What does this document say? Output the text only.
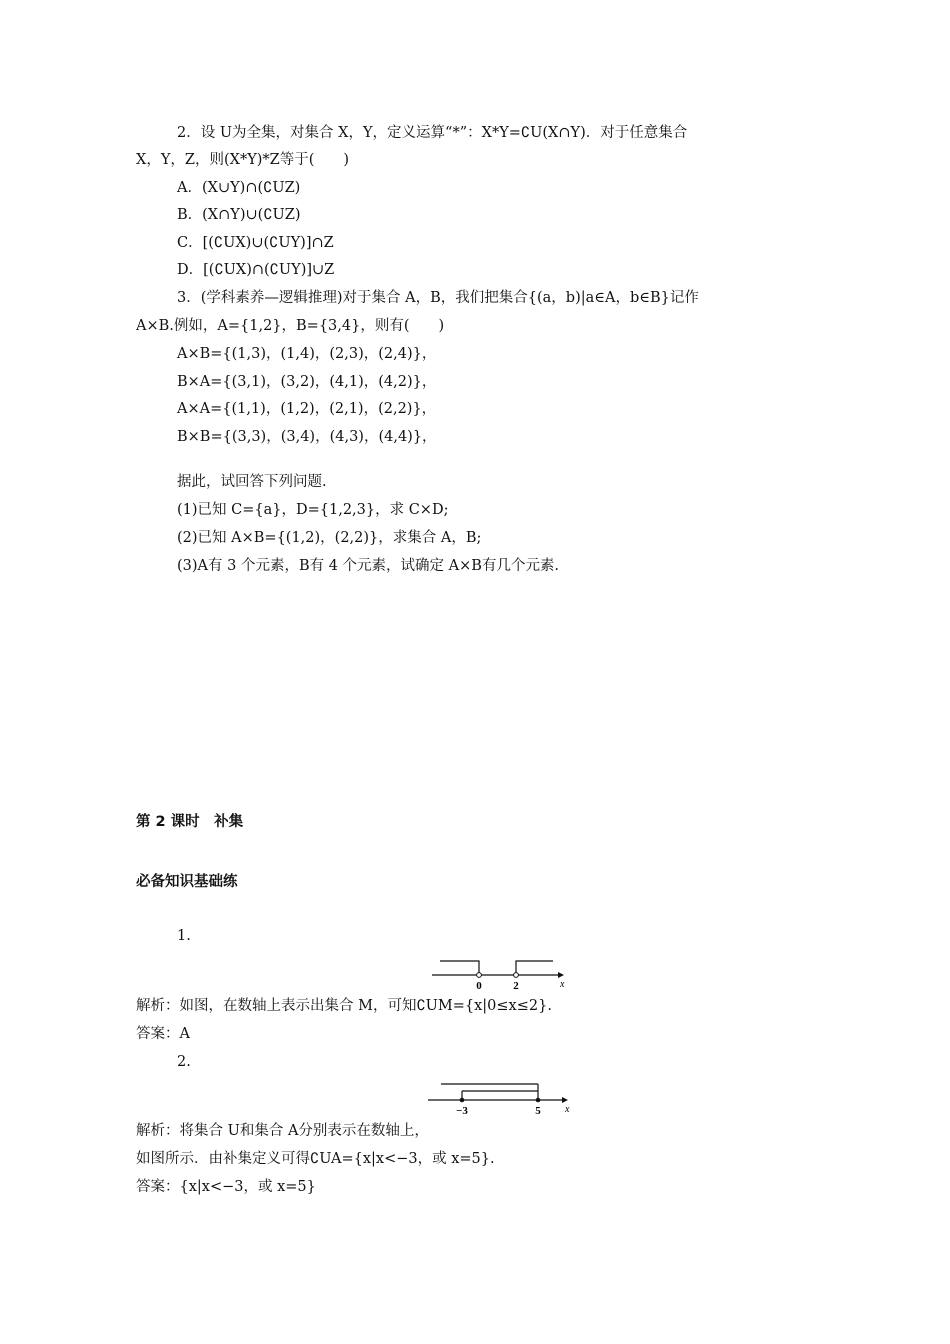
2．设 U为全集，对集合 X，Y，定义运算“*”：X*Y=∁U(X∩Y)．对于任意集合
X，Y，Z，则(X*Y)*Z等于(　　)
A．(X∪Y)∩(∁UZ)
B．(X∩Y)∪(∁UZ)
C．[(∁UX)∪(∁UY)]∩Z
D．[(∁UX)∩(∁UY)]∪Z
3．(学科素养—逻辑推理)对于集合 A，B，我们把集合{(a，b)|a∈A，b∈B}记作
A×B.例如，A={1,2}，B={3,4}，则有(　　)
A×B={(1,3)，(1,4)，(2,3)，(2,4)}，
B×A={(3,1)，(3,2)，(4,1)，(4,2)}，
A×A={(1,1)，(1,2)，(2,1)，(2,2)}，
B×B={(3,3)，(3,4)，(4,3)，(4,4)}，
据此，试回答下列问题.
(1)已知 C={a}，D={1,2,3}，求 C×D;
(2)已知 A×B={(1,2)，(2,2)}，求集合 A，B;
(3)A有 3 个元素，B有 4 个元素，试确定 A×B有几个元素.
第 2 课时　补集
必备知识基础练
1.
0	2	x
解析：如图，在数轴上表示出集合 M，可知∁UM={x|0≤x≤2}.
答案：A
2.
−3	5 x
解析：将集合 U和集合 A分别表示在数轴上，
如图所示．由补集定义可得∁UA={x|x<−3，或 x=5}.
答案：{x|x<−3，或 x=5}
